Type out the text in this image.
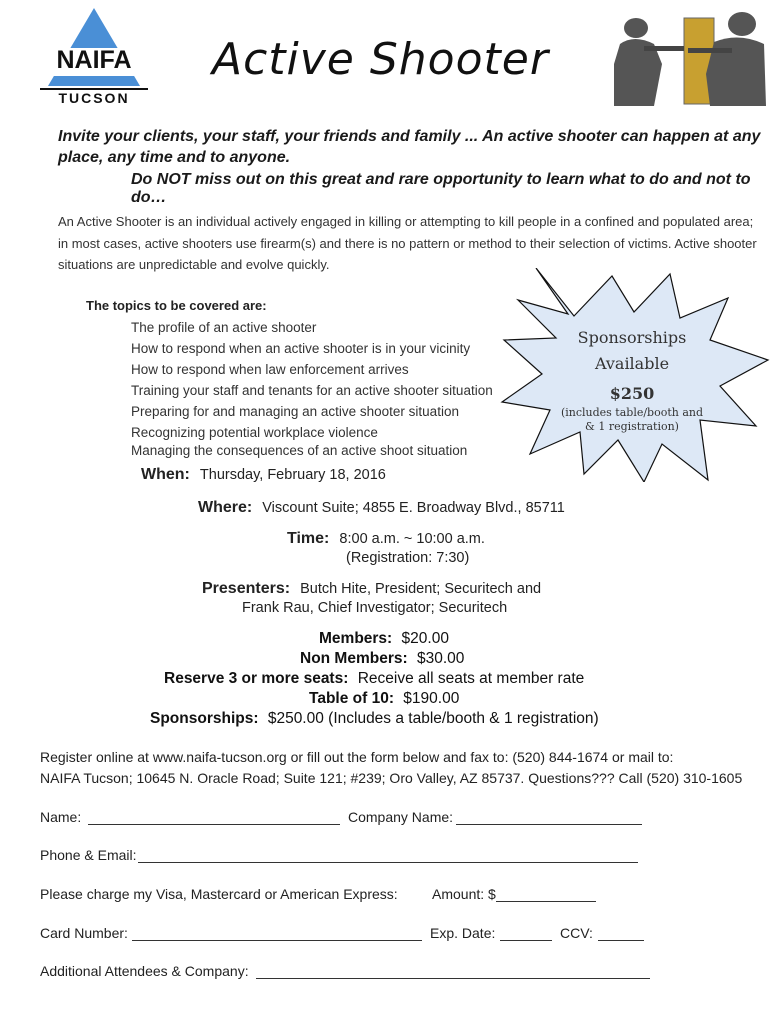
NAIFA
TUCSON
Active Shooter
Invite your clients, your staff, your friends and family ... An active shooter can happen at any
place, any time and to anyone.
Do NOT miss out on this great and rare opportunity to learn what to do and not to do…
An Active Shooter is an individual actively engaged in killing or attempting to kill people in a confined and populated area;
in most cases, active shooters use firearm(s) and there is no pattern or method to their selection of victims. Active shooter
situations are unpredictable and evolve quickly.
The topics to be covered are:
The profile of an active shooter
How to respond when an active shooter is in your vicinity
How to respond when law enforcement arrives
Training your staff and tenants for an active shooter situation
Preparing for and managing an active shooter situation
Recognizing potential workplace violence
Managing the consequences of an active shoot situation
Sponsorships
Available
$250
(includes table/booth and
& 1 registration)
When: Thursday, February 18, 2016
Where: Viscount Suite; 4855 E. Broadway Blvd., 85711
Time: 8:00 a.m. ~ 10:00 a.m.
(Registration: 7:30)
Presenters: Butch Hite, President; Securitech and
Frank Rau, Chief Investigator; Securitech
Members: $20.00
Non Members: $30.00
Reserve 3 or more seats: Receive all seats at member rate
Table of 10: $190.00
Sponsorships: $250.00 (Includes a table/booth & 1 registration)
Register online at www.naifa-tucson.org or fill out the form below and fax to: (520) 844-1674 or mail to:
NAIFA Tucson; 10645 N. Oracle Road; Suite 121; #239; Oro Valley, AZ 85737. Questions??? Call (520) 310-1605
Name:	Company Name:
Phone & Email:
Please charge my Visa, Mastercard or American Express: Amount: $
Card Number:	Exp. Date:	CCV:
Additional Attendees & Company:
